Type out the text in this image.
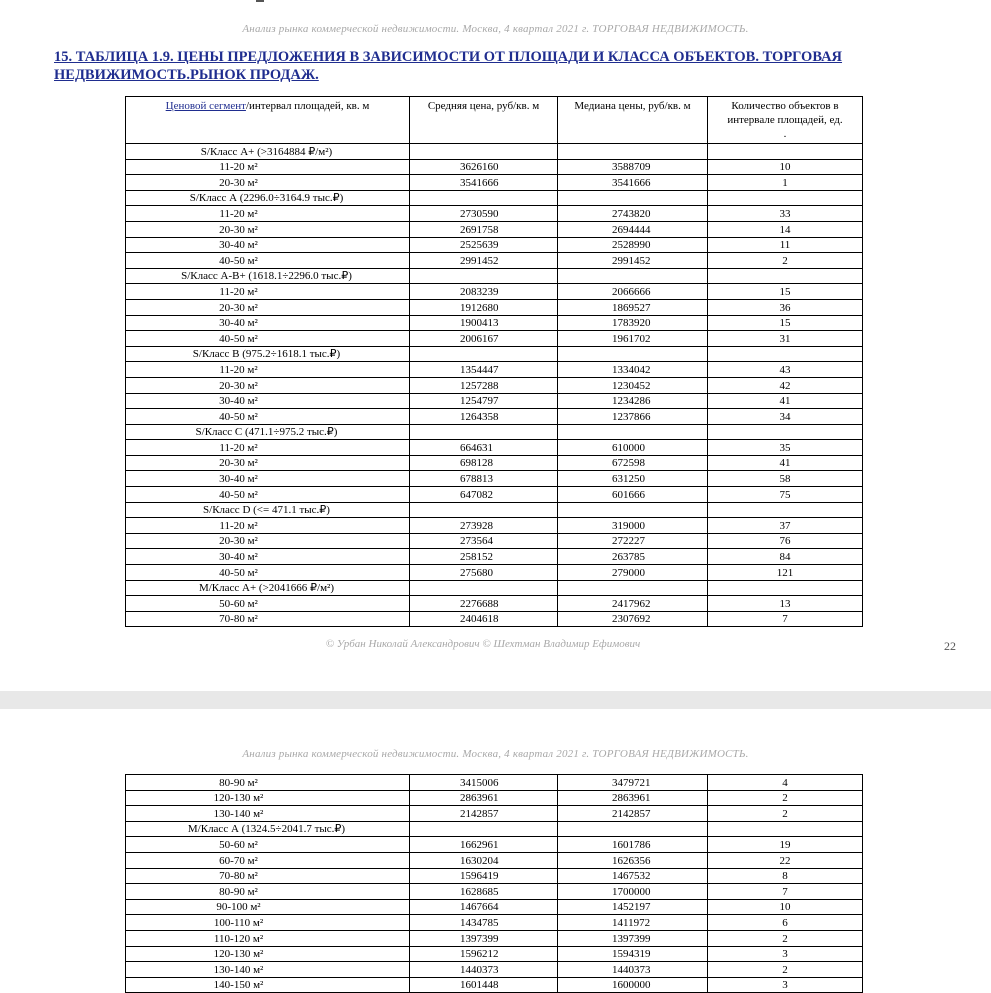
Анализ рынка коммерческой недвижимости. Москва, 4 квартал 2021 г. ТОРГОВАЯ НЕДВИЖИМОСТЬ.
15. ТАБЛИЦА 1.9. ЦЕНЫ ПРЕДЛОЖЕНИЯ В ЗАВИСИМОСТИ ОТ ПЛОЩАДИ И КЛАССА ОБЪЕКТОВ. ТОРГОВАЯ
НЕДВИЖИМОСТЬ.РЫНОК ПРОДАЖ.
Ценовой сегмент/интервал площадей, кв. м	Средняя цена, руб/кв. м	Медиана цены, руб/кв. м	Количество объектов в
интервале площадей, ед.
.

S/Класс А+ (>3164884 ₽/м²)			
11-20 м²	3626160	3588709	10
20-30 м²	3541666	3541666	1
S/Класс А (2296.0÷3164.9 тыс.₽)			
11-20 м²	2730590	2743820	33
20-30 м²	2691758	2694444	14
30-40 м²	2525639	2528990	11
40-50 м²	2991452	2991452	2
S/Класс А-В+ (1618.1÷2296.0 тыс.₽)			
11-20 м²	2083239	2066666	15
20-30 м²	1912680	1869527	36
30-40 м²	1900413	1783920	15
40-50 м²	2006167	1961702	31
S/Класс В (975.2÷1618.1 тыс.₽)			
11-20 м²	1354447	1334042	43
20-30 м²	1257288	1230452	42
30-40 м²	1254797	1234286	41
40-50 м²	1264358	1237866	34
S/Класс С (471.1÷975.2 тыс.₽)			
11-20 м²	664631	610000	35
20-30 м²	698128	672598	41
30-40 м²	678813	631250	58
40-50 м²	647082	601666	75
S/Класс D (<= 471.1 тыс.₽)			
11-20 м²	273928	319000	37
20-30 м²	273564	272227	76
30-40 м²	258152	263785	84
40-50 м²	275680	279000	121
M/Класс А+ (>2041666 ₽/м²)			
50-60 м²	2276688	2417962	13
70-80 м²	2404618	2307692	7
© Урбан Николай Александрович © Шехтман Владимир Ефимович	22
Анализ рынка коммерческой недвижимости. Москва, 4 квартал 2021 г. ТОРГОВАЯ НЕДВИЖИМОСТЬ.
80-90 м²	3415006	3479721	4
120-130 м²	2863961	2863961	2
130-140 м²	2142857	2142857	2
M/Класс А (1324.5÷2041.7 тыс.₽)			
50-60 м²	1662961	1601786	19
60-70 м²	1630204	1626356	22
70-80 м²	1596419	1467532	8
80-90 м²	1628685	1700000	7
90-100 м²	1467664	1452197	10
100-110 м²	1434785	1411972	6
110-120 м²	1397399	1397399	2
120-130 м²	1596212	1594319	3
130-140 м²	1440373	1440373	2
140-150 м²	1601448	1600000	3
